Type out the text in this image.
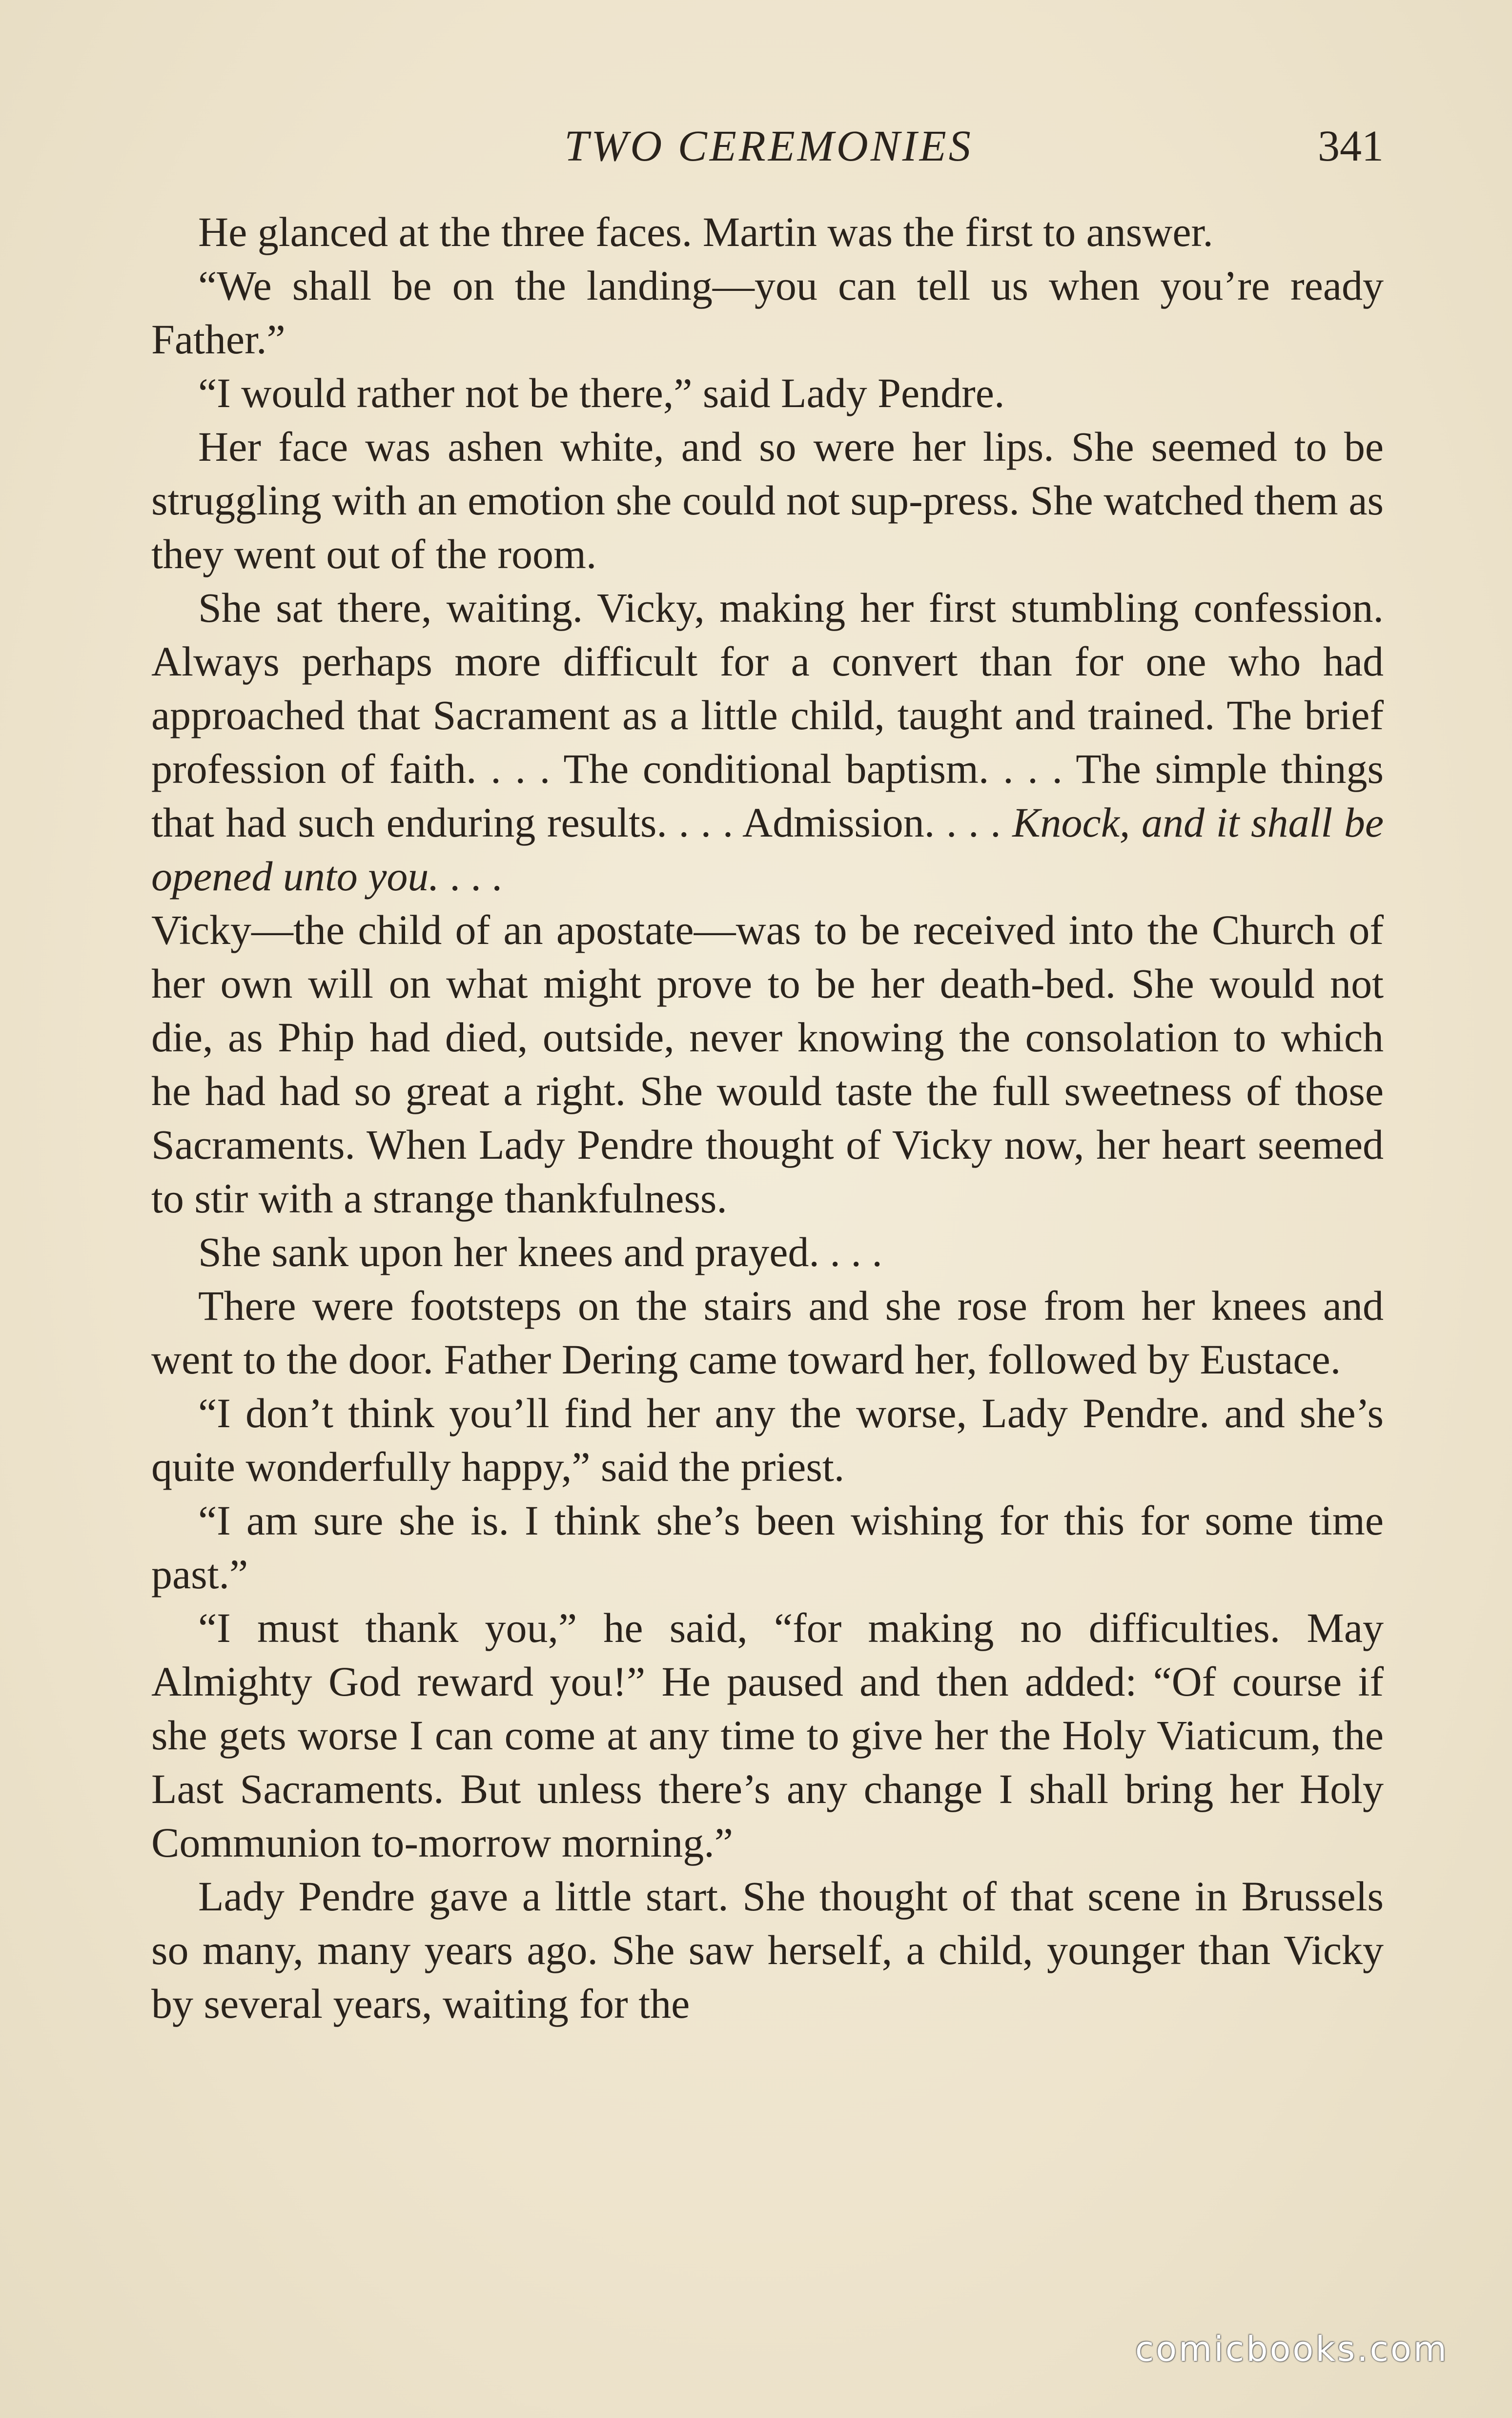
TWO CEREMONIES	341

He glanced at the three faces. Martin was the first to answer.

“We shall be on the landing—you can tell us when you’re ready Father.”

“I would rather not be there,” said Lady Pendre.

Her face was ashen white, and so were her lips. She seemed to be struggling with an emotion she could not sup-press. She watched them as they went out of the room.

She sat there, waiting. Vicky, making her first stumbling confession. Always perhaps more difficult for a convert than for one who had approached that Sacrament as a little child, taught and trained. The brief profession of faith. . . . The conditional baptism. . . . The simple things that had such enduring results. . . . Admission. . . . Knock, and it shall be opened unto you. . . .

Vicky—the child of an apostate—was to be received into the Church of her own will on what might prove to be her death-bed. She would not die, as Phip had died, outside, never knowing the consolation to which he had had so great a right. She would taste the full sweetness of those Sacraments. When Lady Pendre thought of Vicky now, her heart seemed to stir with a strange thankfulness.

She sank upon her knees and prayed. . . .

There were footsteps on the stairs and she rose from her knees and went to the door. Father Dering came toward her, followed by Eustace.

“I don’t think you’ll find her any the worse, Lady Pendre. and she’s quite wonderfully happy,” said the priest.

“I am sure she is. I think she’s been wishing for this for some time past.”

“I must thank you,” he said, “for making no difficulties. May Almighty God reward you!” He paused and then added: “Of course if she gets worse I can come at any time to give her the Holy Viaticum, the Last Sacraments. But unless there’s any change I shall bring her Holy Communion to-morrow morning.”

Lady Pendre gave a little start. She thought of that scene in Brussels so many, many years ago. She saw herself, a child, younger than Vicky by several years, waiting for the

comicbooks.com
